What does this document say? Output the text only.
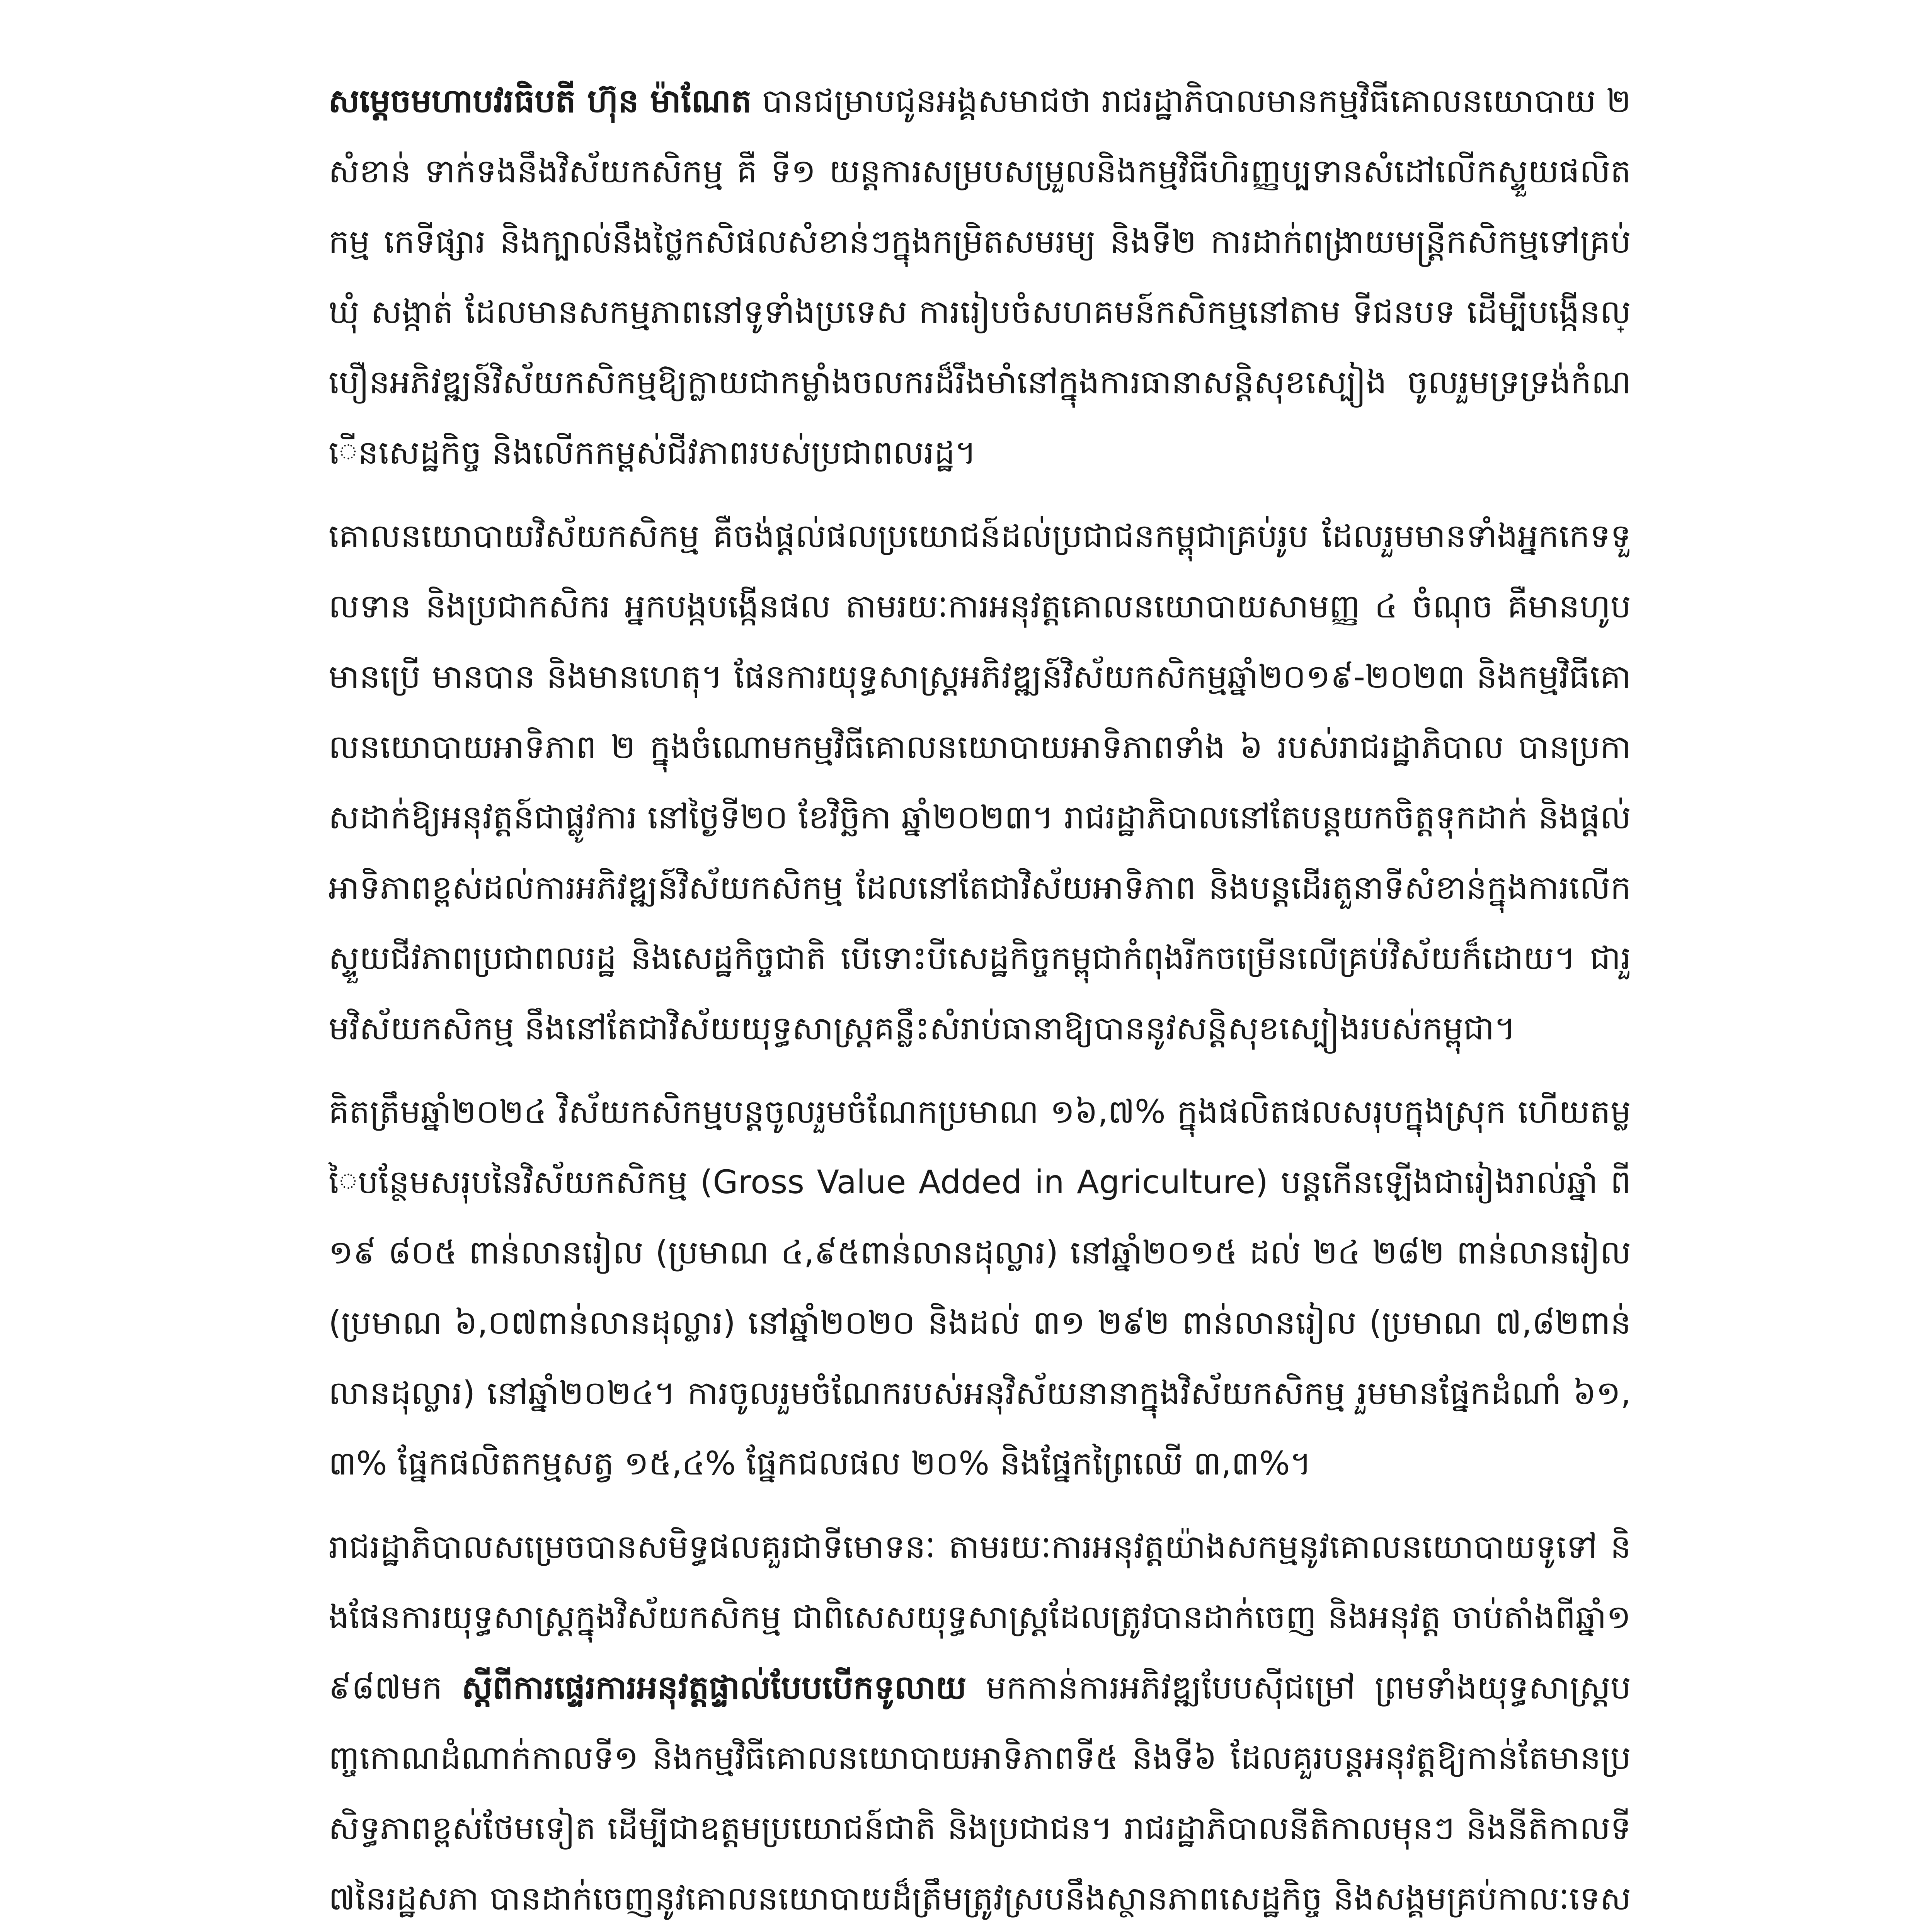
សម្តេចមហាបវរធិបតី ហ៊ុន ម៉ាណែត បានជម្រាបជូនអង្គសមាជថា រាជរដ្ឋាភិបាលមានកម្មវិធីគោលនយោបាយ ២ សំខាន់ ទាក់ទងនឹងវិស័យកសិកម្ម គឺ ទី១ យន្តការសម្របសម្រួលនិងកម្មវិធីហិរញ្ញប្បទានសំដៅលើកស្ទួយផលិតកម្ម កេទីផ្សារ និងក្បាល់នឹងថ្លៃកសិផលសំខាន់ៗក្នុងកម្រិតសមរម្យ និងទី២ ការដាក់ពង្រាយមន្ត្រីកសិកម្មទៅគ្រប់ឃុំ សង្កាត់ ដែលមានសកម្មភាពនៅទូទាំងប្រទេស ការរៀបចំសហគមន៍កសិកម្មនៅតាម ទីជនបទ ដើម្បីបង្កើនល្បឿនអភិវឌ្ឍន៍វិស័យកសិកម្មឱ្យក្លាយជាកម្លាំងចលករដ៏រឹងមាំនៅក្នុងការធានាសន្តិសុខស្បៀង ចូលរួមទ្រទ្រង់កំណើនសេដ្ឋកិច្ច និងលើកកម្ពស់ជីវភាពរបស់ប្រជាពលរដ្ឋ។

គោលនយោបាយវិស័យកសិកម្ម គឺចង់ផ្តល់ផលប្រយោជន៍ដល់ប្រជាជនកម្ពុជាគ្រប់រូប ដែលរួមមានទាំងអ្នកកេទទួលទាន និងប្រជាកសិករ អ្នកបង្កបង្កើនផល តាមរយៈការអនុវត្តគោលនយោបាយសាមញ្ញ ៤ ចំណុច គឺមានហូប មានប្រើ មានបាន និងមានហេតុ។ ផែនការយុទ្ធសាស្ត្រអភិវឌ្ឍន៍វិស័យកសិកម្មឆ្នាំ២០១៩-២០២៣ និងកម្មវិធីគោលនយោបាយអាទិភាព ២ ក្នុងចំណោមកម្មវិធីគោលនយោបាយអាទិភាពទាំង ៦ របស់រាជរដ្ឋាភិបាល បានប្រកាសដាក់ឱ្យអនុវត្តន៍ជាផ្លូវការ នៅថ្ងៃទី២០ ខែវិច្ឆិកា ឆ្នាំ២០២៣។ រាជរដ្ឋាភិបាលនៅតែបន្តយកចិត្តទុកដាក់ និងផ្តល់អាទិភាពខ្ពស់ដល់ការអភិវឌ្ឍន៍វិស័យកសិកម្ម ដែលនៅតែជាវិស័យអាទិភាព និងបន្តដើរតួនាទីសំខាន់ក្នុងការលើកស្ទួយជីវភាពប្រជាពលរដ្ឋ និងសេដ្ឋកិច្ចជាតិ បើទោះបីសេដ្ឋកិច្ចកម្ពុជាកំពុងរីកចម្រើនលើគ្រប់វិស័យក៏ដោយ។ ជារួមវិស័យកសិកម្ម នឹងនៅតែជាវិស័យយុទ្ធសាស្ត្រគន្លឹះសំរាប់ធានាឱ្យបាននូវសន្តិសុខស្បៀងរបស់កម្ពុជា។

គិតត្រឹមឆ្នាំ២០២៤ វិស័យកសិកម្មបន្តចូលរួមចំណែកប្រមាណ ១៦,៧% ក្នុងផលិតផលសរុបក្នុងស្រុក ហើយតម្លៃបន្ថែមសរុបនៃវិស័យកសិកម្ម (Gross Value Added in Agriculture) បន្តកើនឡើងជារៀងរាល់ឆ្នាំ ពី ១៩ ៨០៥ ពាន់លានរៀល (ប្រមាណ ៤,៩៥ពាន់លានដុល្លារ) នៅឆ្នាំ២០១៥ ដល់ ២៤ ២៨២ ពាន់លានរៀល (ប្រមាណ ៦,០៧ពាន់លានដុល្លារ) នៅឆ្នាំ២០២០ និងដល់ ៣១ ២៩២ ពាន់លានរៀល (ប្រមាណ ៧,៨២ពាន់លានដុល្លារ) នៅឆ្នាំ២០២៤។ ការចូលរួមចំណែករបស់អនុវិស័យនានាក្នុងវិស័យកសិកម្ម រួមមានផ្នែកដំណាំ ៦១,៣% ផ្នែកផលិតកម្មសត្វ ១៥,៤% ផ្នែកជលផល ២០% និងផ្នែកព្រៃឈើ ៣,៣%។

រាជរដ្ឋាភិបាលសម្រេចបានសមិទ្ធផលគួរជាទីមោទនៈ តាមរយៈការអនុវត្តយ៉ាងសកម្មនូវគោលនយោបាយទូទៅ និងផែនការយុទ្ធសាស្ត្រក្នុងវិស័យកសិកម្ម ជាពិសេសយុទ្ធសាស្ត្រដែលត្រូវបានដាក់ចេញ និងអនុវត្ត ចាប់តាំងពីឆ្នាំ១៩៨៧មក ស្តីពីការផ្ទេរការអនុវត្តផ្ទាល់បែបបើកទូលាយ មកកាន់ការអភិវឌ្ឍបែបស៊ីជម្រៅ ព្រមទាំងយុទ្ធសាស្ត្របញ្ចកោណដំណាក់កាលទី១ និងកម្មវិធីគោលនយោបាយអាទិភាពទី៥ និងទី៦ ដែលគួរបន្តអនុវត្តឱ្យកាន់តែមានប្រសិទ្ធភាពខ្ពស់ថែមទៀត ដើម្បីជាឧត្តមប្រយោជន៍ជាតិ និងប្រជាជន។ រាជរដ្ឋាភិបាលនីតិកាលមុនៗ និងនីតិកាលទី៧នៃរដ្ឋសភា បានដាក់ចេញនូវគោលនយោបាយដ៏ត្រឹមត្រូវស្របនឹងស្ថានភាពសេដ្ឋកិច្ច និងសង្គមគ្រប់កាលៈទេ
